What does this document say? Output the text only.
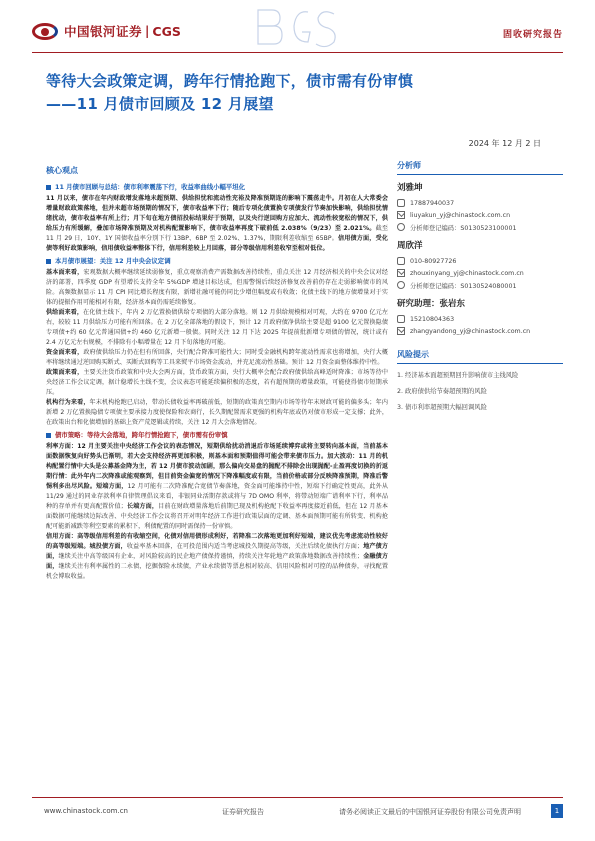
中国银河证券 | CGS	固收研究报告
等待大会政策定调，跨年行情抢跑下，债市需有份审慎
——11 月债市回顾及 12 月展望
2024 年 12 月 2 日
核心观点
11 月债市回顾与总结：债市利率震荡下行，收益率曲线小幅平坦化
11 月以来，债市在年内财政增发落地未超预期、供给担忧和流动性充裕及降准预期连的影响下震荡走牛。月初在人大常委会增量财政政策落地，但并未超市场预期的情况下，债市收益率下行；随后专项化债置换专项债发行节奏加快影响，供给担忧情绪扰动，债市收益率有所上行；月下旬在地方债招投标结果好于预期，以及央行逆回购方应加大、流动性较宽松的情况下，供给压力有所缓解，叠加市场降准预期及对机构配置影响下，债市收益率再度下破前低 2.038%（9/23）至 2.021%。截至 11 月 29 日，10Y、1Y 国债收益率分别下行 13BP、6BP 至 2.02%、1.37%，期限利差收缩至 65BP。信用债方面，受化债等利好政策影响，信用债收益率整体下行，信用利差较上月回落，部分等级信用利差收窄至相对低位。
本月债市展望：关注 12 月中央会议定调
基本面来看，宏观数据大概率继续延续弱修复，重点观察消费产需数据改善持续性，重点关注 12 月经济相关的中央会议对经济的部署，四季度 GDP 有望增长支持全年 5%GDP 增速目标达成，但需警惕后续经济修复改善前仍存在走弱影响债市的风险。高频数据显示 11 月 CPI 同比增长程度有限，新增社融可能仍同比少增但幅度或有收敛；化债主线下的地方债增量对于实体的提振作用可能相对有限，经济基本面仍需延续修复。
供给面来看，在化债主线下，年内 2 万亿置换债供给专项债的大部分落地。则 12 月供给规模相对可观，大约在 9700 亿元左右，较较 11 月供给压力可能有所回落。在 2 万亿全部落地的假设下，预计 12 月政府债净供给主要是超 9100 亿元置换隐债专项债+约 60 亿元普通国债+约 460 亿元新增一般债。同时关注 12 月下达 2025 年提前批新增专项债的情况，统计或有 2.4 万亿元左右规模，不排除有小幅增量在 12 月下旬落地的可能。
资金面来看，政府债供给压力仍在但有所回落，央行配合降准可能性大；同时受金融机构跨年流动性需求也将增加，央行大概率将继续通过逆回购买断式、买断式回购等工具来熨平市场资金波动，并充足流动性基础。预计 12 月资金面整体维持中性。
政策面来看，主要关注货币政策和中央大会两方面，货币政策方面，央行大概率会配合政府债供给高峰适时降准；市场等待中央经济工作会议定调，据计稳增长主线不变，会议表态可能延续偏积极的态度，若有超预期的增量政策，可能使得债市短期承压。
机构行为来看，年末机构抢跑已启动，带动长债收益率再破前低，短期的政策真空期内市场等待年末财政可能的偏多头；年内新增 2 万亿置换隐债专项债主要承接力度使保险和农商行，长久期配置需求更强的机构年底或仍对债市形成一定支撑；此外，在政策出台和化债增加的基础上资产荒逻辑或持续，关注 12 月大会落地情况。
债市策略：等待大会落地，跨年行情抢跑下，债市需有份审慎
利率方面：12 月主要关注中央经济工作会议的表态情况，短期供给扰动消退后市场延续博弈或将主要转向基本面，当前基本面数据恢复向好势头已渐明，若大会支持经济再更加积极，则基本面和预期值得可能会带来债市压力。加大波动：11 月的机构配置行情中大头是公募基金降为主，若 12 月债市波动加剧，那么偏向交易盘的抛配不排除会出现抛配-止盈再度切换的折返期行情：此外年内二次降准或能观察到，但目前资金偏宽的情况下降准幅度或有限，当前价格或部分反映降准预期，降准后警惕利多出尽风险。短端方面，12 月可能有二次降准配合宽债节奏落地，资金面可能维持中性，短端下行确定性更高，此外从 11/29 通过的同业存款利率自律管理倡议来看，非银同业活期存款或将与 7D OMO 利率，将带动短端广谱利率下行，利率品种的存单并有更高配置价值；长端方面，目前在财政增量落地后前期已现及机构抢配下收益率再度接近前低，但在 12 月基本面数据可能继续边际改善、中央经济工作会议将召开对明年经济工作进行政策层面的定调、基本面预期可能有所转变、机构抢配可能新减跌等利空要素的累积下，利债配置的同时需保持一份审慎。
信用方面：高等级信用利差的有收缩空间，化债对信用债形成利好，若降准二次落地更加利好短端，建议优先考虑流动性较好的高等级短端。城投债方面，收益率基本回落，在可投范围内适当考虑城投久期提高等级，关注后续化债执行方面；地产债方面，继续关注中高等级国有企业，对风险较高的民企地产债保持谨慎，持续关注年轮地产政策落地数据改善持续性；金融债方面，继续关注有利率属性的二永债，挖掘保险永续债，产业永续债等票息相对较高、信用风险相对可控的品种债券，寻找配置机会博取收益。
分析师
刘雅坤
17887940037
liuyakun_yj@chinastock.com.cn
分析师登记编码：S0130523100001
周欣洋
010-80927726
zhouxinyang_yj@chinastock.com.cn
分析师登记编码：S0130524080001
研究助理：张岩东
15210804363
zhangyandong_yj@chinastock.com.cn
风险提示
1. 经济基本面超预期回升影响债市主线风险
2. 政府债供给节奏超预期的风险
3. 债市利率超预期大幅回调风险
www.chinastock.com.cn	证券研究报告	请务必阅读正文最后的中国银河证券股份有限公司免责声明	1
